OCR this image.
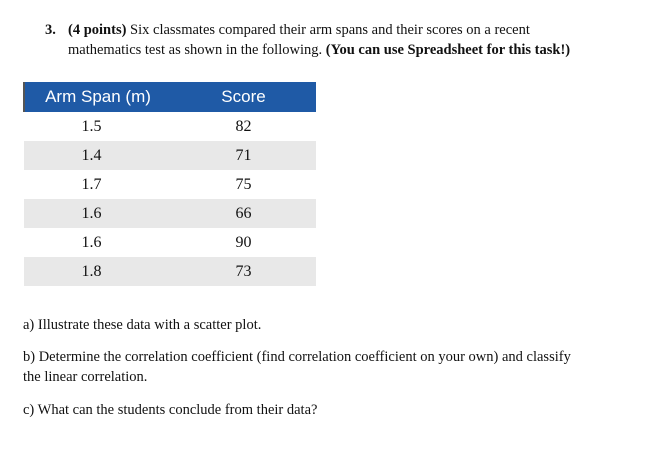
3. (4 points) Six classmates compared their arm spans and their scores on a recent
mathematics test as shown in the following. (You can use Spreadsheet for this task!)
Arm Span (m)	Score
1.5	82
1.4	71
1.7	75
1.6	66
1.6	90
1.8	73
a) Illustrate these data with a scatter plot.
b) Determine the correlation coefficient (find correlation coefficient on your own) and classify
the linear correlation.
c) What can the students conclude from their data?
